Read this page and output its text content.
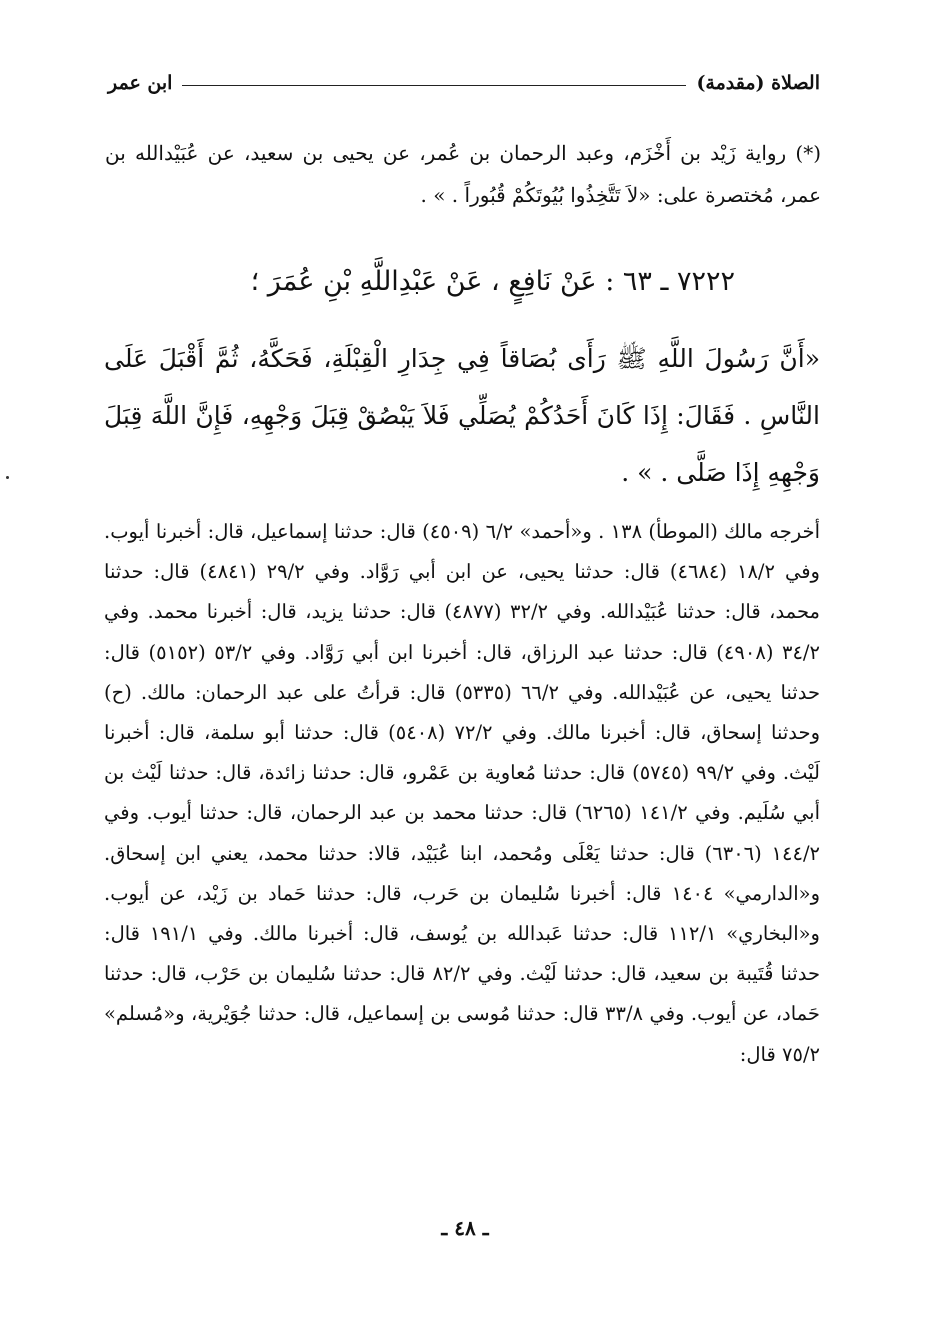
الصلاة (مقدمة)
ابن عمر
(*) رواية زَيْد بن أَخْزَم، وعبد الرحمان بن عُمر، عن يحيى بن سعيد، عن عُبَيْدالله بن عمر، مُختصرة على: «لاَ تَتَّخِذُوا بُيُوتَكُمْ قُبُوراً . » .
٧٢٢٢ ـ ٦٣ : عَنْ نَافِعٍ ، عَنْ عَبْدِاللَّهِ بْنِ عُمَرَ ؛
«أَنَّ رَسُولَ اللَّهِ ﷺ رَأَى بُصَاقاً فِي جِدَارِ الْقِبْلَةِ، فَحَكَّهُ، ثُمَّ أَقْبَلَ عَلَى النَّاسِ . فَقَالَ: إِذَا كَانَ أَحَدُكُمْ يُصَلِّي فَلاَ يَبْصُقْ قِبَلَ وَجْهِهِ، فَإِنَّ اللَّهَ قِبَلَ وَجْهِهِ إِذَا صَلَّى . » .
أخرجه مالك (الموطأ) ١٣٨ . و«أحمد» ٦/٢ (٤٥٠٩) قال: حدثنا إسماعيل، قال: أخبرنا أيوب. وفي ١٨/٢ (٤٦٨٤) قال: حدثنا يحيى، عن ابن أبي رَوَّاد. وفي ٢٩/٢ (٤٨٤١) قال: حدثنا محمد، قال: حدثنا عُبَيْدالله. وفي ٣٢/٢ (٤٨٧٧) قال: حدثنا يزيد، قال: أخبرنا محمد. وفي ٣٤/٢ (٤٩٠٨) قال: حدثنا عبد الرزاق، قال: أخبرنا ابن أبي رَوَّاد. وفي ٥٣/٢ (٥١٥٢) قال: حدثنا يحيى، عن عُبَيْدالله. وفي ٦٦/٢ (٥٣٣٥) قال: قرأتُ على عبد الرحمان: مالك. (ح) وحدثنا إسحاق، قال: أخبرنا مالك. وفي ٧٢/٢ (٥٤٠٨) قال: حدثنا أبو سلمة، قال: أخبرنا لَيْث. وفي ٩٩/٢ (٥٧٤٥) قال: حدثنا مُعاوية بن عَمْرو، قال: حدثنا زائدة، قال: حدثنا لَيْث بن أبي سُلَيم. وفي ١٤١/٢ (٦٢٦٥) قال: حدثنا محمد بن عبد الرحمان، قال: حدثنا أيوب. وفي ١٤٤/٢ (٦٣٠٦) قال: حدثنا يَعْلَى ومُحمد، ابنا عُبَيْد، قالا: حدثنا محمد، يعني ابن إسحاق. و«الدارمي» ١٤٠٤ قال: أخبرنا سُليمان بن حَرب، قال: حدثنا حَماد بن زَيْد، عن أيوب. و«البخاري» ١١٢/١ قال: حدثنا عَبدالله بن يُوسف، قال: أخبرنا مالك. وفي ١٩١/١ قال: حدثنا قُتَيبة بن سعيد، قال: حدثنا لَيْث. وفي ٨٢/٢ قال: حدثنا سُليمان بن حَرْب، قال: حدثنا حَماد، عن أيوب. وفي ٣٣/٨ قال: حدثنا مُوسى بن إسماعيل، قال: حدثنا جُوَيْرية، و«مُسلم» ٧٥/٢ قال:
ـ ٤٨ ـ
